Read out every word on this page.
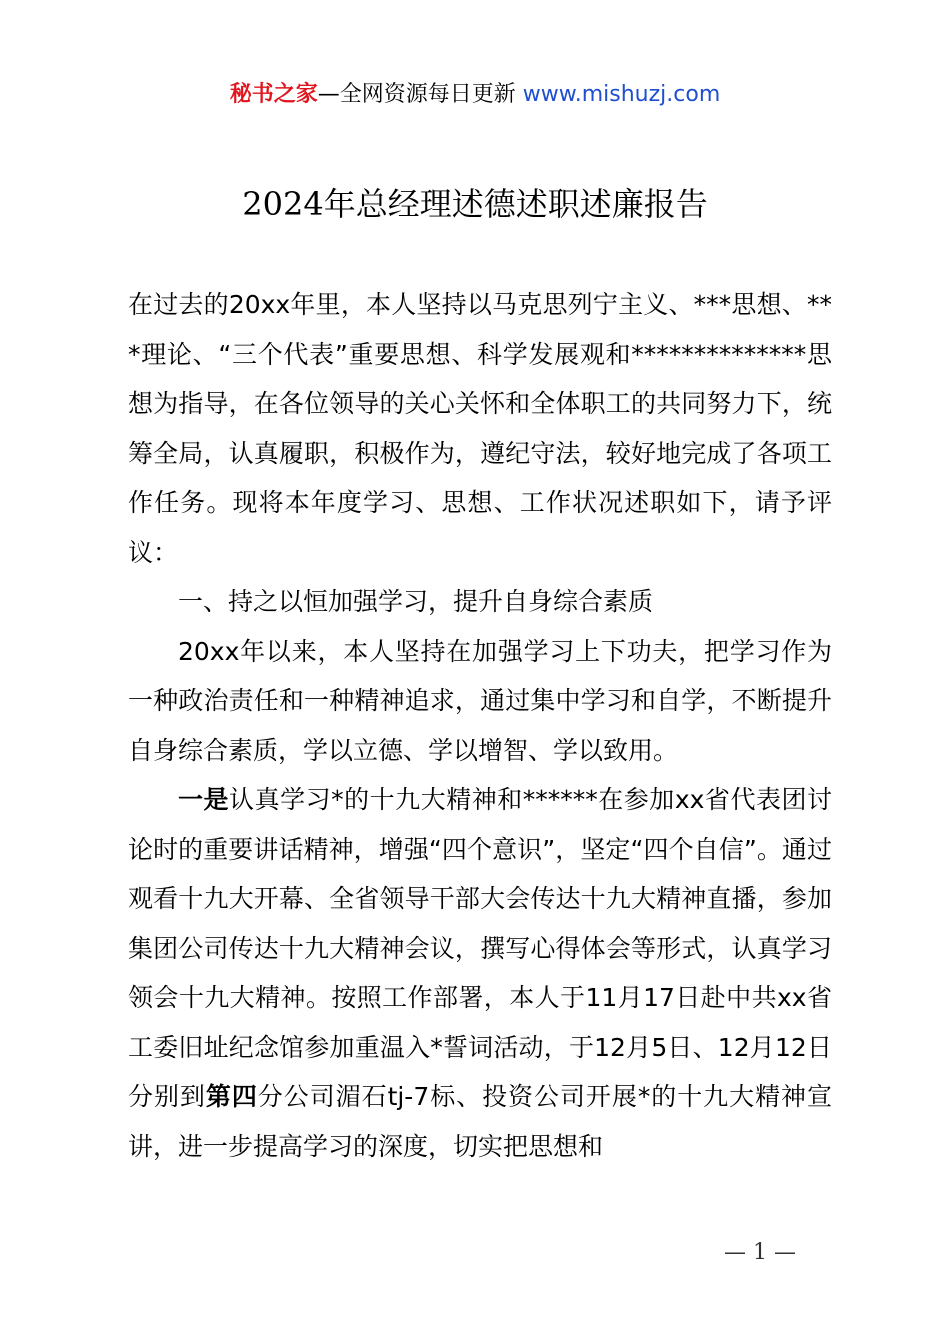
秘书之家—全网资源每日更新 www.mishuzj.com
2024年总经理述德述职述廉报告

在过去的20xx年里，本人坚持以马克思列宁主义、***思想、***理论、“三个代表”重要思想、科学发展观和**************思想为指导，在各位领导的关心关怀和全体职工的共同努力下，统筹全局，认真履职，积极作为，遵纪守法，较好地完成了各项工作任务。现将本年度学习、思想、工作状况述职如下，请予评议：

一、持之以恒加强学习，提升自身综合素质

20xx年以来，本人坚持在加强学习上下功夫，把学习作为一种政治责任和一种精神追求，通过集中学习和自学，不断提升自身综合素质，学以立德、学以增智、学以致用。

一是认真学习*的十九大精神和******在参加xx省代表团讨论时的重要讲话精神，增强“四个意识”，坚定“四个自信”。通过观看十九大开幕、全省领导干部大会传达十九大精神直播，参加集团公司传达十九大精神会议，撰写心得体会等形式，认真学习领会十九大精神。按照工作部署，本人于11月17日赴中共xx省工委旧址纪念馆参加重温入*誓词活动，于12月5日、12月12日分别到第四分公司湄石tj-7标、投资公司开展*的十九大精神宣讲，进一步提高学习的深度，切实把思想和

— 1 —
